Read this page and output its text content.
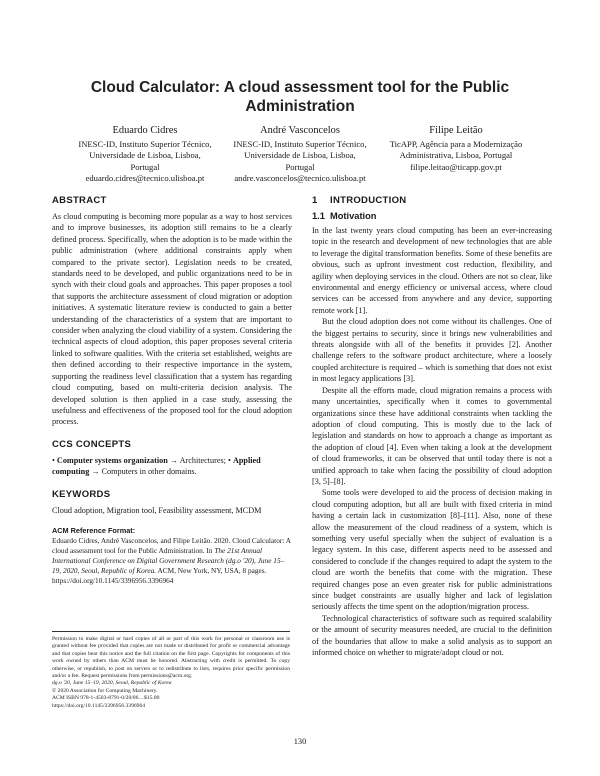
Cloud Calculator: A cloud assessment tool for the Public Administration
Eduardo Cidres
INESC-ID, Instituto Superior Técnico,
Universidade de Lisboa, Lisboa,
Portugal
eduardo.cidres@tecnico.ulisboa.pt
André Vasconcelos
INESC-ID, Instituto Superior Técnico,
Universidade de Lisboa, Lisboa,
Portugal
andre.vasconcelos@tecnico.ulisboa.pt
Filipe Leitão
TicAPP, Agência para a Modernização
Administrativa, Lisboa, Portugal
filipe.leitao@ticapp.gov.pt
ABSTRACT

As cloud computing is becoming more popular as a way to host services and to improve businesses, its adoption still remains to be a clearly defined process. Specifically, when the adoption is to be made within the public administration (where additional constraints apply when compared to the private sector). Legislation needs to be created, standards need to be developed, and public organizations need to be in synch with their cloud goals and approaches. This paper proposes a tool that supports the architecture assessment of cloud migration or adoption initiatives. A systematic literature review is conducted to gain a better understanding of the characteristics of a system that are important to consider when analyzing the cloud viability of a system. Considering the technical aspects of cloud adoption, this paper proposes several criteria linked to software qualities. With the criteria set established, weights are then defined according to their respective importance in the system, supporting the readiness level classification that a system has regarding cloud computing, based on multi-criteria decision analysis. The developed solution is then applied in a case study, assessing the usefulness and effectiveness of the proposed tool for the cloud adoption process.

CCS CONCEPTS
• Computer systems organization → Architectures; • Applied computing → Computers in other domains.
KEYWORDS

Cloud adoption, Migration tool, Feasibility assessment, MCDM

ACM Reference Format:
Eduardo Cidres, André Vasconcelos, and Filipe Leitão. 2020. Cloud Calculator: A cloud assessment tool for the Public Administration. In The 21st Annual International Conference on Digital Government Research (dg.o '20), June 15–19, 2020, Seoul, Republic of Korea. ACM, New York, NY, USA, 8 pages. https://doi.org/10.1145/3396956.3396964
Permission to make digital or hard copies of all or part of this work for personal or classroom use is granted without fee provided that copies are not made or distributed for profit or commercial advantage and that copies bear this notice and the full citation on the first page. Copyrights for components of this work owned by others than ACM must be honored. Abstracting with credit is permitted. To copy otherwise, or republish, to post on servers or to redistribute to lists, requires prior specific permission and/or a fee. Request permissions from permissions@acm.org.
dg.o '20, June 15–19, 2020, Seoul, Republic of Korea
© 2020 Association for Computing Machinery.
ACM ISBN 978-1-4503-8791-0/20/06…$15.00
https://doi.org/10.1145/3396956.3396964
1 INTRODUCTION
1.1 Motivation

In the last twenty years cloud computing has been an ever-increasing topic in the research and development of new technologies that are able to leverage the digital transformation benefits. Some of these benefits are obvious, such as upfront investment cost reduction, flexibility, and agility when deploying services in the cloud. Others are not so clear, like environmental and energy efficiency or universal access, where cloud services can be accessed from anywhere and any device, supporting remote work [1].

But the cloud adoption does not come without its challenges. One of the biggest pertains to security, since it brings new vulnerabilities and threats alongside with all of the benefits it provides [2]. Another challenge refers to the software product architecture, where a loosely coupled architecture is required – which is something that does not exist in most legacy applications [3].

Despite all the efforts made, cloud migration remains a process with many uncertainties, specifically when it comes to governmental organizations since these have additional constraints when tackling the adoption of cloud computing. This is mostly due to the lack of legislation and standards on how to approach a change as important as the adoption of cloud [4]. Even when taking a look at the development of cloud frameworks, it can be observed that until today there is not a unified approach to take when facing the possibility of cloud adoption [3, 5]–[8].

Some tools were developed to aid the process of decision making in cloud computing adoption, but all are built with fixed criteria in mind having a certain lack in customization [8]–[11]. Also, none of these allow the measurement of the cloud readiness of a system, which is something very useful specially when the subject of evaluation is a legacy system. In this case, different aspects need to be assessed and considered to conclude if the changes required to adapt the system to the cloud are worth the benefits that come with the migration. These required changes pose an even greater risk for public administrations since budget constraints are usually higher and lack of legislation seriously affects the time spent on the adoption/migration process.

Technological characteristics of software such as required scalability or the amount of security measures needed, are crucial to the definition of the boundaries that allow to make a solid analysis as to support an informed choice on whether to migrate/adopt cloud or not.

130
